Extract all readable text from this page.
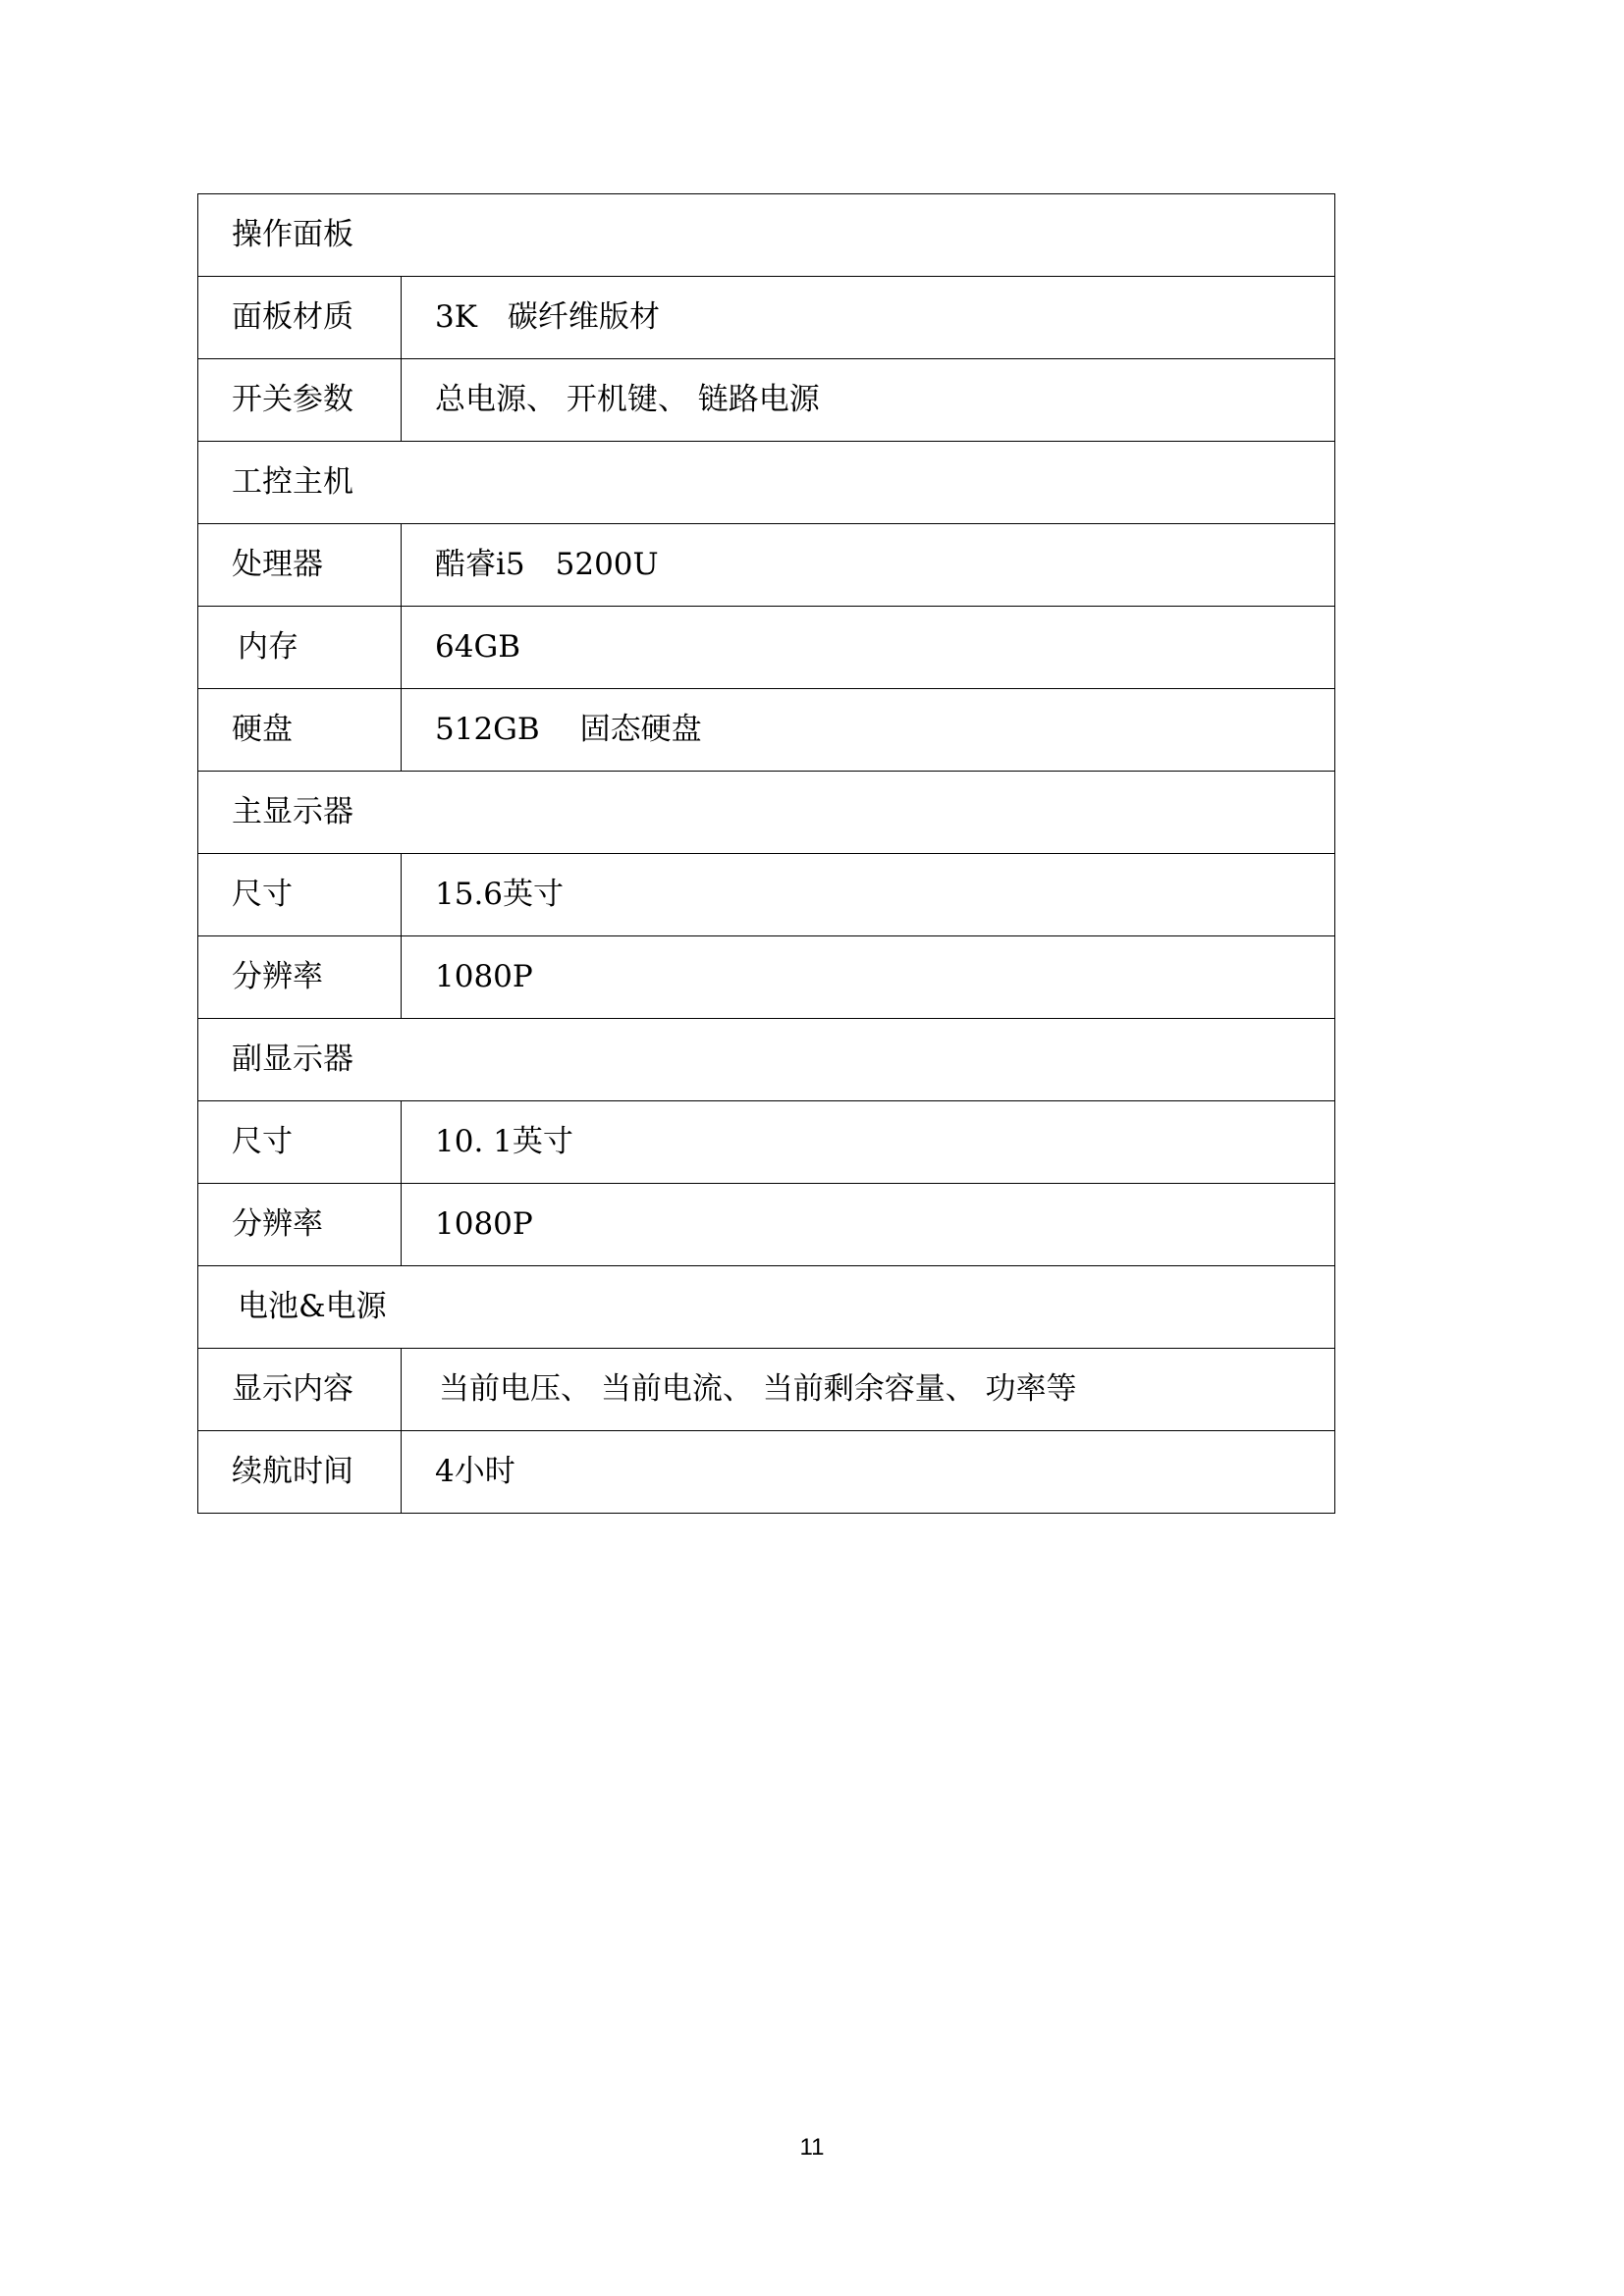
操作面板	
面板材质	3K　碳纤维版材
开关参数	总电源、 开机键、 链路电源
工控主机	
处理器	酷睿i5　5200U
内存	64GB
硬盘	512GB　 固态硬盘
主显示器	
尺寸	15.6英寸
分辨率	1080P
副显示器	
尺寸	10. 1英寸
分辨率	1080P
电池&电源	
显示内容	当前电压、 当前电流、 当前剩余容量、 功率等
续航时间	4小时
11
